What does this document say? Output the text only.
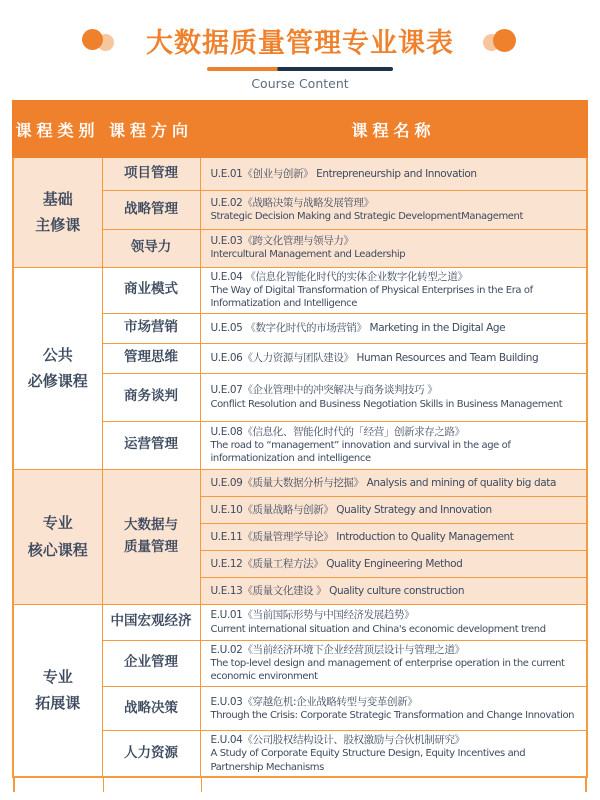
大数据质量管理专业课表
Course Content
课程类别	课程方向	课程名称

基础
主修课	项目管理	U.E.01《创业与创新》 Entrepreneurship and Innovation

	战略管理	U.E.02《战略决策与战略发展管理》
Strategic Decision Making and Strategic DevelopmentManagement

	领导力	U.E.03《跨文化管理与领导力》
Intercultural Management and Leadership

公共
必修课程	商业模式	U.E.04 《信息化智能化时代的实体企业数字化转型之道》
The Way of Digital Transformation of Physical Enterprises in the Era of Informatization and Intelligence

	市场营销	U.E.05 《数字化时代的市场营销》 Marketing in the Digital Age

	管理思维	U.E.06《人力资源与团队建设》 Human Resources and Team Building

	商务谈判	U.E.07《企业管理中的冲突解决与商务谈判技巧 》
Conflict Resolution and Business Negotiation Skills in Business Management

	运营管理	U.E.08《信息化、智能化时代的「经营」创新求存之路》
The road to “management” innovation and survival in the age of informationization and intelligence

专业
核心课程	大数据与
质量管理	U.E.09《质量大数据分析与挖掘》 Analysis and mining of quality big data

		U.E.10《质量战略与创新》 Quality Strategy and Innovation

		U.E.11《质量管理学导论》 Introduction to Quality Management

		U.E.12《质量工程方法》 Quality Engineering Method

		U.E.13《质量文化建设 》 Quality culture construction

专业
拓展课	中国宏观经济	E.U.01《当前国际形势与中国经济发展趋势》
Current international situation and China's economic development trend

	企业管理	E.U.02《当前经济环境下企业经营顶层设计与管理之道》
The top-level design and management of enterprise operation in the current economic environment

	战略决策	E.U.03《穿越危机:企业战略转型与变革创新》
Through the Crisis: Corporate Strategic Transformation and Change Innovation

	人力资源	E.U.04《公司股权结构设计、股权激励与合伙机制研究》
A Study of Corporate Equity Structure Design, Equity Incentives and Partnership Mechanisms
